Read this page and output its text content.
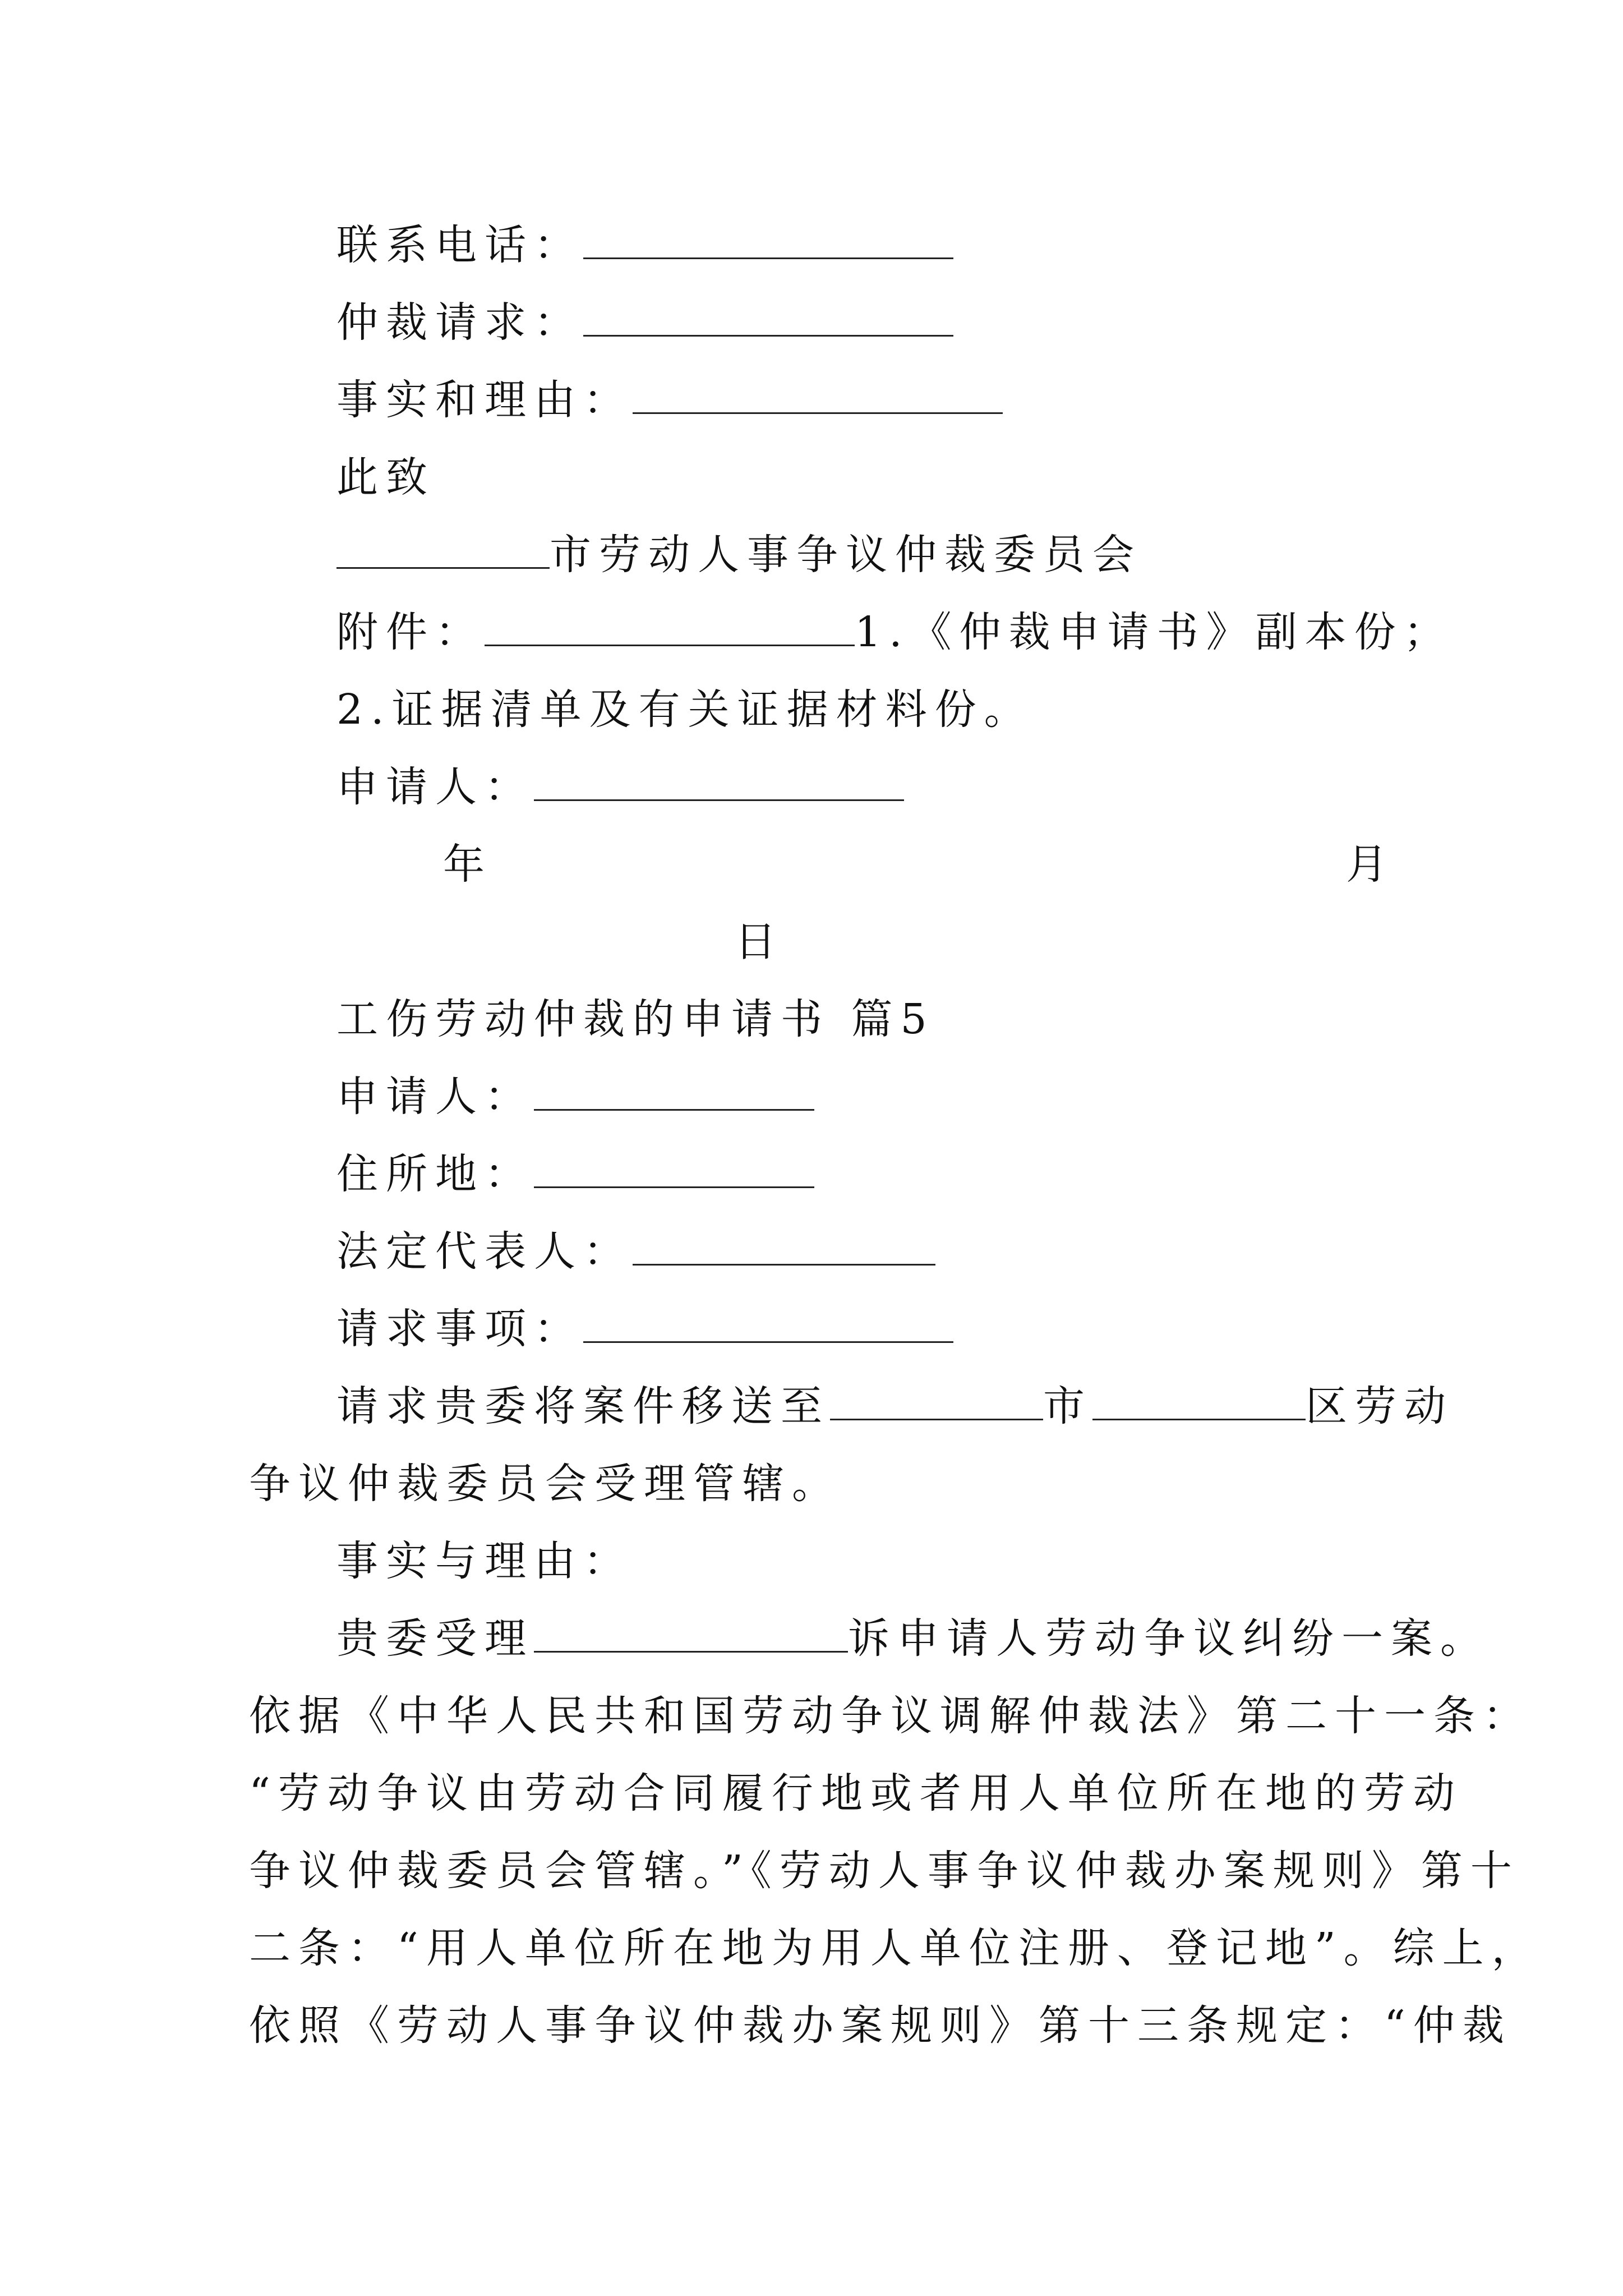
联系电话：
仲裁请求：
事实和理由：
此致
市劳动人事争议仲裁委员会
附件：	1.《仲裁申请书》副本份；
2.证据清单及有关证据材料份。
申请人：
年	月
日
工伤劳动仲裁的申请书 篇5
申请人：
住所地：
法定代表人：
请求事项：
请求贵委将案件移送至	市	区劳动
争议仲裁委员会受理管辖。
事实与理由：
贵委受理	诉申请人劳动争议纠纷一案。
依据《中华人民共和国劳动争议调解仲裁法》第二十一条：
“劳动争议由劳动合同履行地或者用人单位所在地的劳动
争议仲裁委员会管辖。”《劳动人事争议仲裁办案规则》第十
二条：“用人单位所在地为用人单位注册、登记地”。综上，
依照《劳动人事争议仲裁办案规则》第十三条规定：“仲裁
